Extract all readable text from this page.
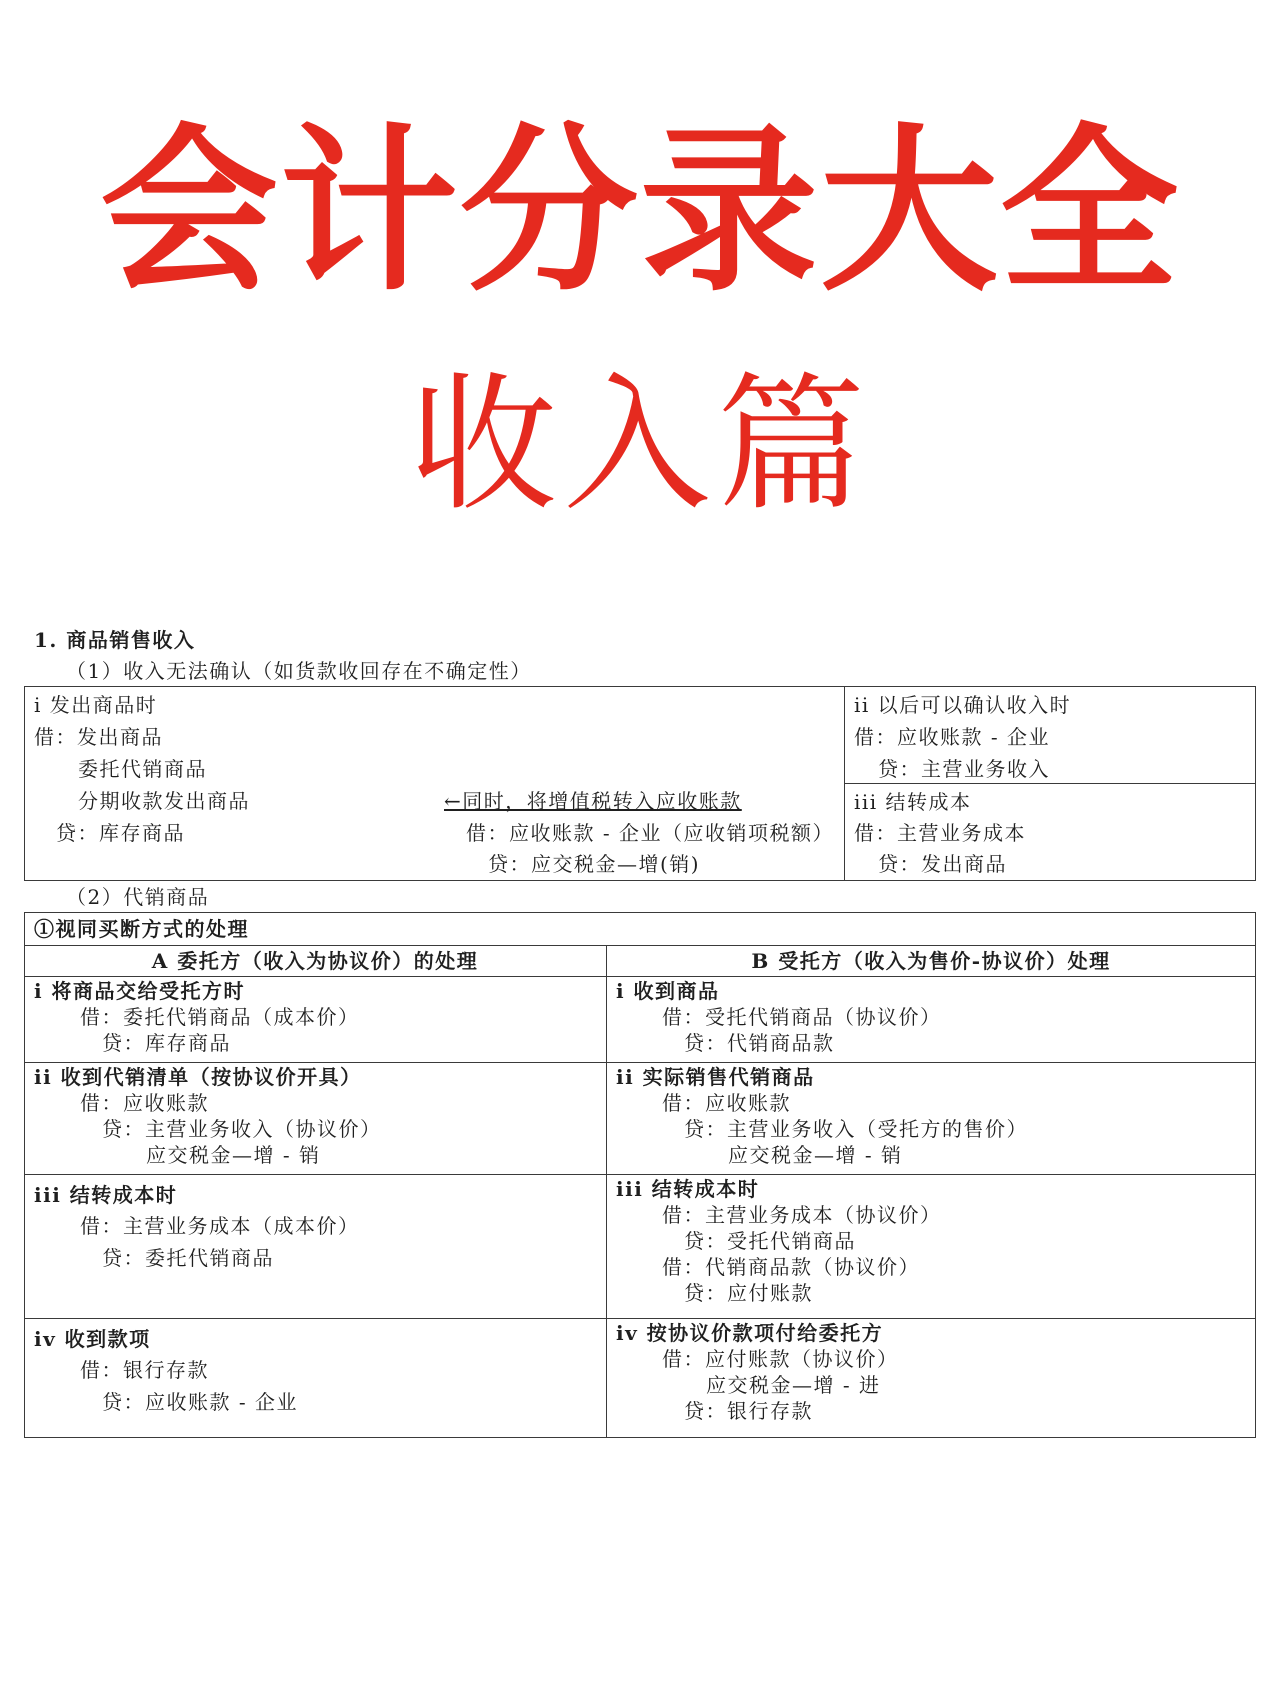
会计分录大全
收入篇
1. 商品销售收入
（1）收入无法确认（如货款收回存在不确定性）
i 发出商品时
借：发出商品
委托代销商品
分期收款发出商品
贷：库存商品
←同时，将增值税转入应收账款
借：应收账款 - 企业（应收销项税额）
贷：应交税金—增(销)
ii 以后可以确认收入时
借：应收账款 - 企业
贷：主营业务收入
iii 结转成本
借：主营业务成本
贷：发出商品
（2）代销商品
①视同买断方式的处理
A 委托方（收入为协议价）的处理	B 受托方（收入为售价-协议价）处理
i 将商品交给受托方时
借：委托代销商品（成本价）
贷：库存商品
i 收到商品
借：受托代销商品（协议价）
贷：代销商品款
ii 收到代销清单（按协议价开具）
借：应收账款
贷：主营业务收入（协议价）
应交税金—增 - 销
ii 实际销售代销商品
借：应收账款
贷：主营业务收入（受托方的售价）
应交税金—增 - 销
iii 结转成本时
借：主营业务成本（成本价）
贷：委托代销商品
iii 结转成本时
借：主营业务成本（协议价）
贷：受托代销商品
借：代销商品款（协议价）
贷：应付账款
iv 收到款项
借：银行存款
贷：应收账款 - 企业
iv 按协议价款项付给委托方
借：应付账款（协议价）
应交税金—增 - 进
贷：银行存款
